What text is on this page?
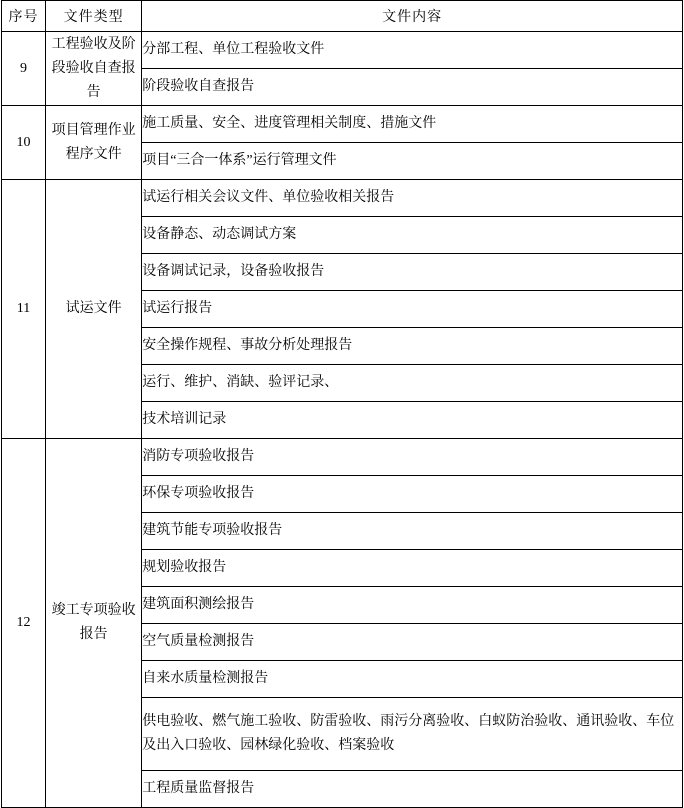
序号	文件类型	文件内容
9	工程验收及阶段验收自查报告	分部工程、单位工程验收文件
		阶段验收自查报告
10	项目管理作业程序文件	施工质量、安全、进度管理相关制度、措施文件
		项目“三合一体系”运行管理文件
11	试运文件	试运行相关会议文件、单位验收相关报告
		设备静态、动态调试方案
		设备调试记录，设备验收报告
		试运行报告
		安全操作规程、事故分析处理报告
		运行、维护、消缺、验评记录、
		技术培训记录
12	竣工专项验收报告	消防专项验收报告
		环保专项验收报告
		建筑节能专项验收报告
		规划验收报告
		建筑面积测绘报告
		空气质量检测报告
		自来水质量检测报告
		供电验收、燃气施工验收、防雷验收、雨污分离验收、白蚁防治验收、通讯验收、车位及出入口验收、园林绿化验收、档案验收
		工程质量监督报告
